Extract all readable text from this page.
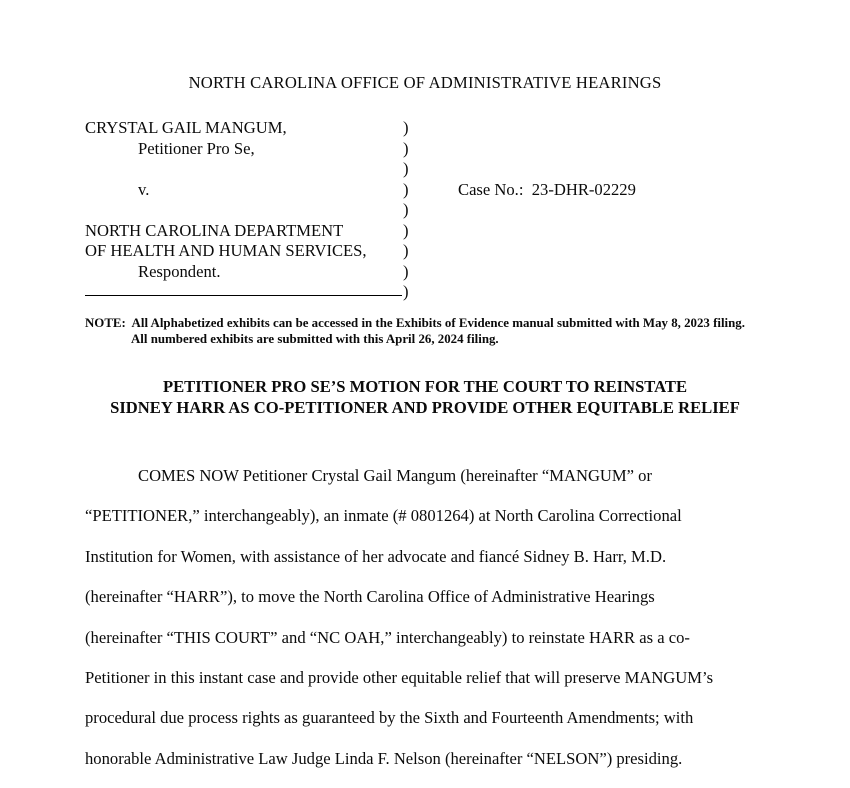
NORTH CAROLINA OFFICE OF ADMINISTRATIVE HEARINGS
CRYSTAL GAIL MANGUM,
Petitioner Pro Se,
v.
NORTH CAROLINA DEPARTMENT
OF HEALTH AND HUMAN SERVICES,
Respondent.
)
)
)
)
)
)
)
)
)
Case No.:  23-DHR-02229
NOTE:  All Alphabetized exhibits can be accessed in the Exhibits of Evidence manual submitted with May 8, 2023 filing.
All numbered exhibits are submitted with this April 26, 2024 filing.
PETITIONER PRO SE’S MOTION FOR THE COURT TO REINSTATE
SIDNEY HARR AS CO-PETITIONER AND PROVIDE OTHER EQUITABLE RELIEF
COMES NOW Petitioner Crystal Gail Mangum (hereinafter “MANGUM” or
“PETITIONER,” interchangeably), an inmate (# 0801264) at North Carolina Correctional
Institution for Women, with assistance of her advocate and fiancé Sidney B. Harr, M.D.
(hereinafter “HARR”), to move the North Carolina Office of Administrative Hearings
(hereinafter “THIS COURT” and “NC OAH,” interchangeably) to reinstate HARR as a co-
Petitioner in this instant case and provide other equitable relief that will preserve MANGUM’s
procedural due process rights as guaranteed by the Sixth and Fourteenth Amendments; with
honorable Administrative Law Judge Linda F. Nelson (hereinafter “NELSON”) presiding.
